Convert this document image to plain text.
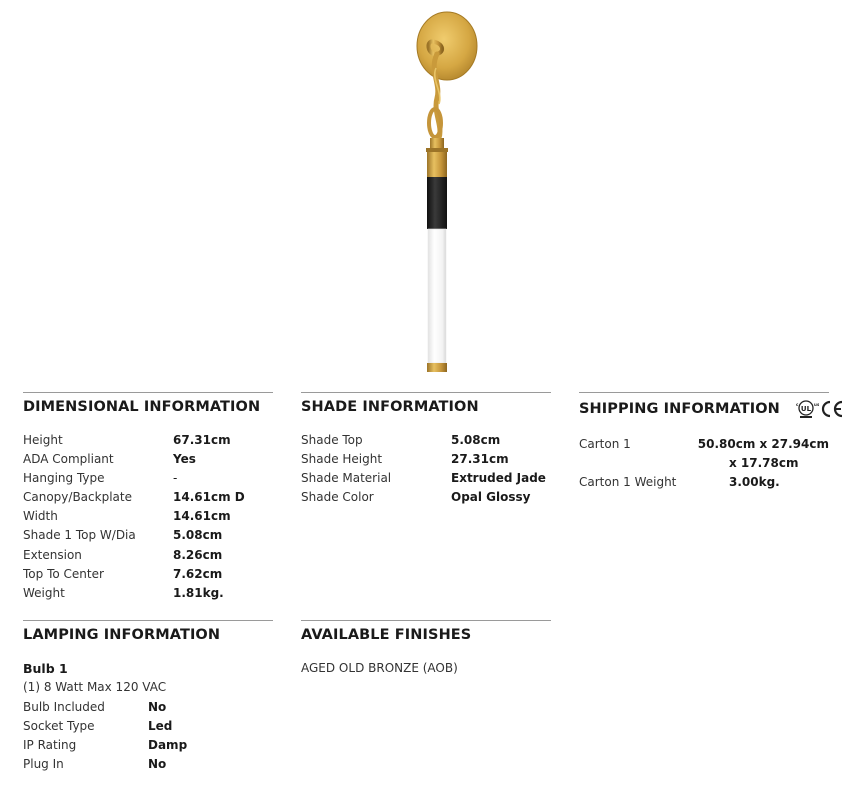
DIMENSIONAL INFORMATION
Height	67.31cm
ADA Compliant	Yes
Hanging Type	-
Canopy/Backplate	14.61cm D
Width	14.61cm
Shade 1 Top W/Dia	5.08cm
Extension	8.26cm
Top To Center	7.62cm
Weight	1.81kg.
SHADE INFORMATION
Shade Top	5.08cm
Shade Height	27.31cm
Shade Material	Extruded Jade
Shade Color	Opal Glossy
SHIPPING INFORMATION	UL
c	us
Carton 1	50.80cm x 27.94cm
x 17.78cm
Carton 1 Weight	3.00kg.
LAMPING INFORMATION
Bulb 1
(1) 8 Watt Max 120 VAC
Bulb Included	No
Socket Type	Led
IP Rating	Damp
Plug In	No
AVAILABLE FINISHES
AGED OLD BRONZE (AOB)
